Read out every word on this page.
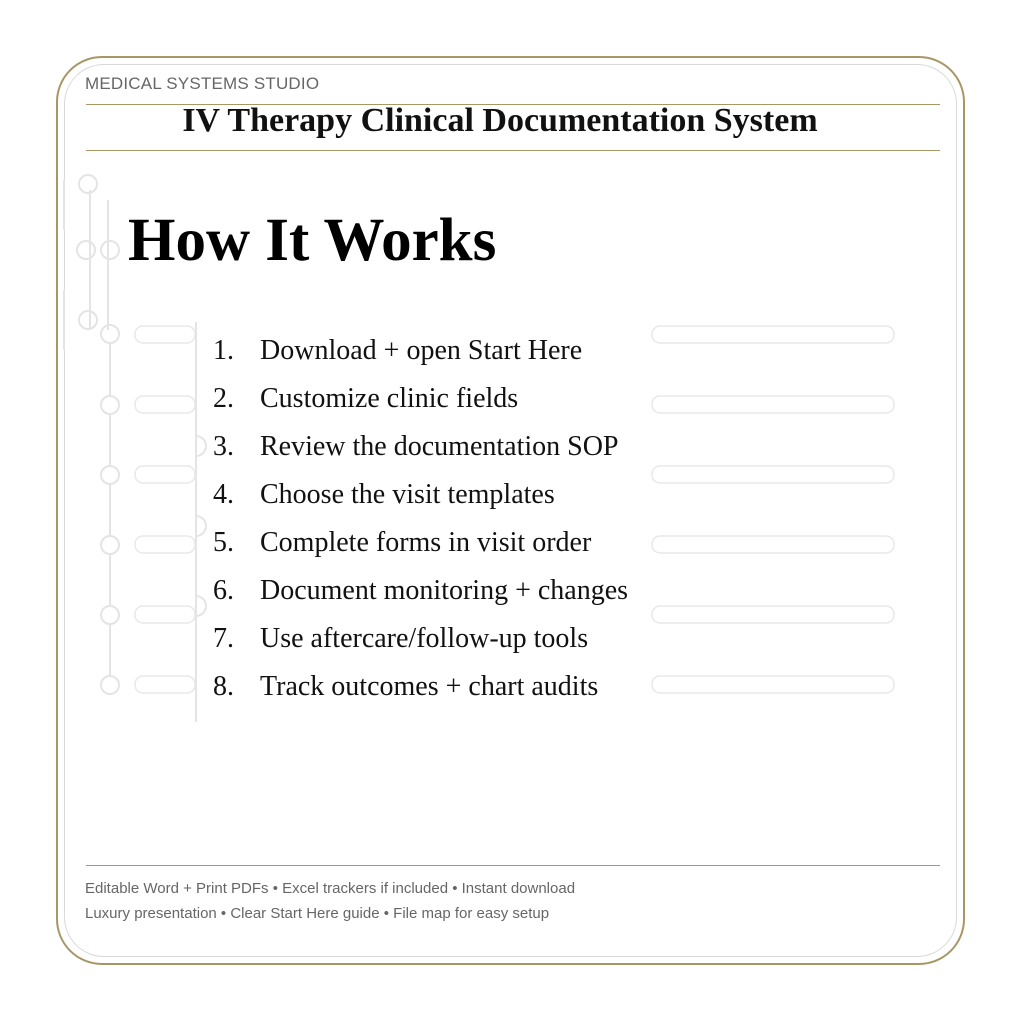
MEDICAL SYSTEMS STUDIO
IV Therapy Clinical Documentation System
How It Works
1. Download + open Start Here
2. Customize clinic fields
3. Review the documentation SOP
4. Choose the visit templates
5. Complete forms in visit order
6. Document monitoring + changes
7. Use aftercare/follow-up tools
8. Track outcomes + chart audits
Editable Word + Print PDFs • Excel trackers if included • Instant download
Luxury presentation • Clear Start Here guide • File map for easy setup
